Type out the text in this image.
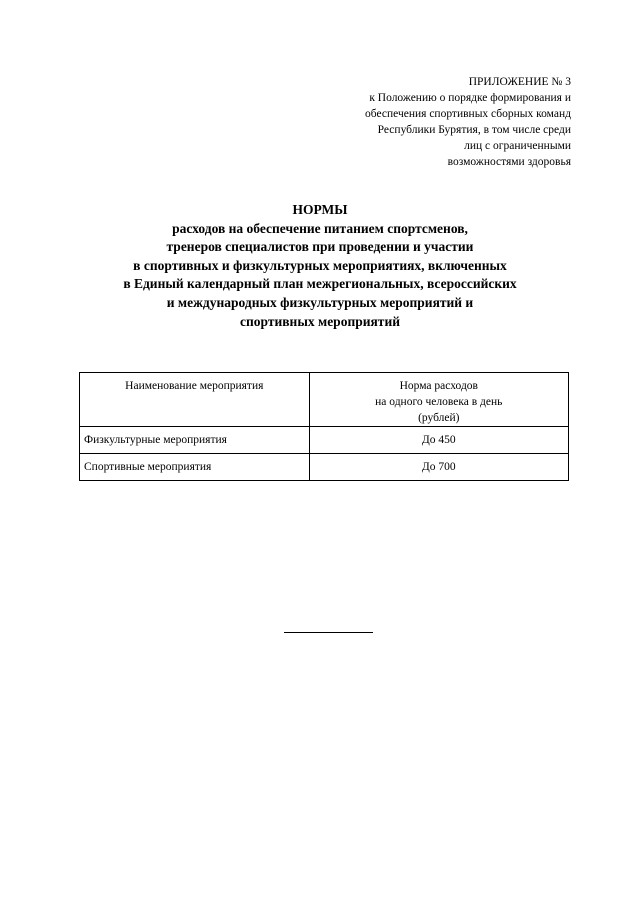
ПРИЛОЖЕНИЕ № 3
к Положению о порядке формирования и
обеспечения спортивных сборных команд
Республики Бурятия, в том числе среди
лиц с ограниченными
возможностями здоровья
НОРМЫ
расходов на обеспечение питанием спортсменов,
тренеров специалистов при проведении и участии
в спортивных и физкультурных мероприятиях, включенных
в Единый календарный план межрегиональных, всероссийских
и международных физкультурных мероприятий и
спортивных мероприятий
Наименование мероприятия	Норма расходов
на одного человека в день
(рублей)

Физкультурные мероприятия	До 450
Спортивные мероприятия	До 700
